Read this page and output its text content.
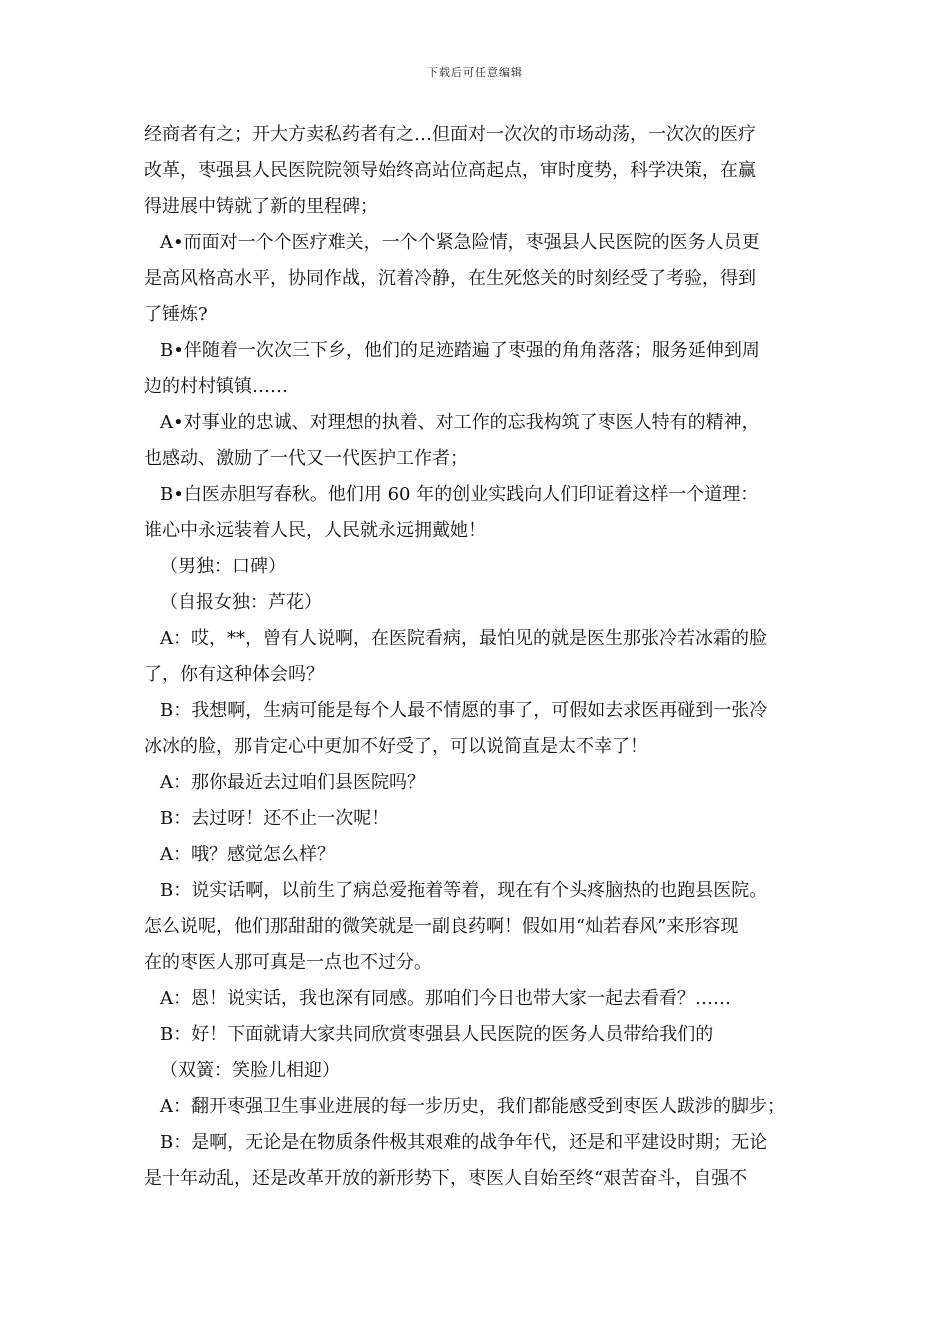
下载后可任意编辑
经商者有之；开大方卖私药者有之…但面对一次次的市场动荡，一次次的医疗
改革，枣强县人民医院院领导始终高站位高起点，审时度势，科学决策，在赢
得进展中铸就了新的里程碑；
A•而面对一个个医疗难关，一个个紧急险情，枣强县人民医院的医务人员更
是高风格高水平，协同作战，沉着冷静，在生死悠关的时刻经受了考验，得到
了锤炼?
B•伴随着一次次三下乡，他们的足迹踏遍了枣强的角角落落；服务延伸到周
边的村村镇镇……
A•对事业的忠诚、对理想的执着、对工作的忘我构筑了枣医人特有的精神，
也感动、激励了一代又一代医护工作者；
B•白医赤胆写春秋。他们用 60 年的创业实践向人们印证着这样一个道理：
谁心中永远装着人民，人民就永远拥戴她！
（男独：口碑）
（自报女独：芦花）
A：哎，**，曾有人说啊，在医院看病，最怕见的就是医生那张冷若冰霜的脸
了，你有这种体会吗？
B：我想啊，生病可能是每个人最不情愿的事了，可假如去求医再碰到一张冷
冰冰的脸，那肯定心中更加不好受了，可以说简直是太不幸了！
A：那你最近去过咱们县医院吗？
B：去过呀！还不止一次呢！
A：哦？感觉怎么样？
B：说实话啊，以前生了病总爱拖着等着，现在有个头疼脑热的也跑县医院。
怎么说呢，他们那甜甜的微笑就是一副良药啊！假如用“灿若春风”来形容现
在的枣医人那可真是一点也不过分。
A：恩！说实话，我也深有同感。那咱们今日也带大家一起去看看？……
B：好！下面就请大家共同欣赏枣强县人民医院的医务人员带给我们的
（双簧：笑脸儿相迎）
A：翻开枣强卫生事业进展的每一步历史，我们都能感受到枣医人跋涉的脚步；
B：是啊，无论是在物质条件极其艰难的战争年代，还是和平建设时期；无论
是十年动乱，还是改革开放的新形势下，枣医人自始至终“艰苦奋斗，自强不
